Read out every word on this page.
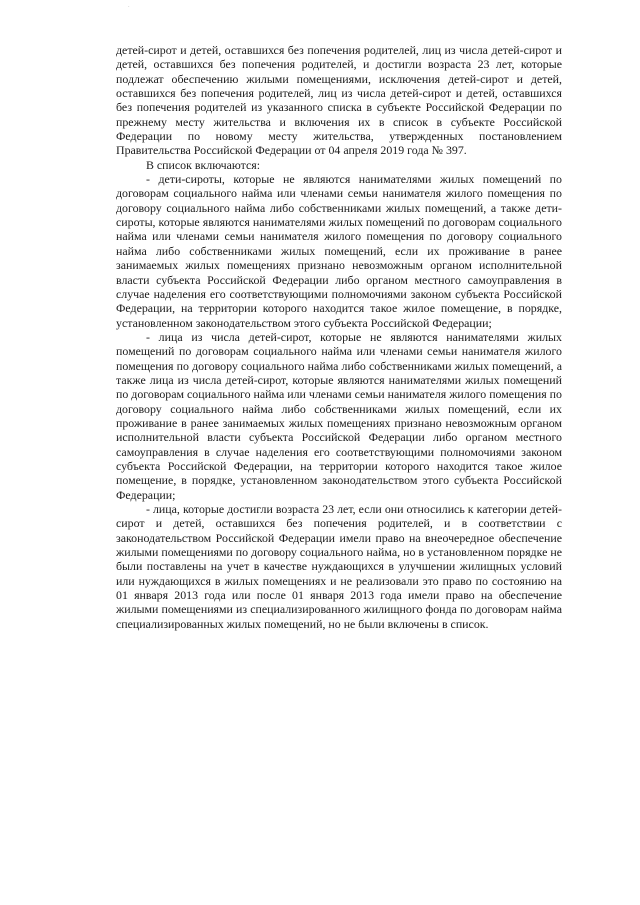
·

детей-сирот и детей, оставшихся без попечения родителей, лиц из числа детей-сирот и детей, оставшихся без попечения родителей, и достигли возраста 23 лет, которые подлежат обеспечению жилыми помещениями, исключения детей-сирот и детей, оставшихся без попечения родителей, лиц из числа детей-сирот и детей, оставшихся без попечения родителей из указанного списка в субъекте Российской Федерации по прежнему месту жительства и включения их в список в субъекте Российской Федерации по новому месту жительства, утвержденных постановлением Правительства Российской Федерации от 04 апреля 2019 года № 397.

В список включаются:

- дети-сироты, которые не являются нанимателями жилых помещений по договорам социального найма или членами семьи нанимателя жилого помещения по договору социального найма либо собственниками жилых помещений, а также дети-сироты, которые являются нанимателями жилых помещений по договорам социального найма или членами семьи нанимателя жилого помещения по договору социального найма либо собственниками жилых помещений, если их проживание в ранее занимаемых жилых помещениях признано невозможным органом исполнительной власти субъекта Российской Федерации либо органом местного самоуправления в случае наделения его соответствующими полномочиями законом субъекта Российской Федерации, на территории которого находится такое жилое помещение, в порядке, установленном законодательством этого субъекта Российской Федерации;

- лица из числа детей-сирот, которые не являются нанимателями жилых помещений по договорам социального найма или членами семьи нанимателя жилого помещения по договору социального найма либо собственниками жилых помещений, а также лица из числа детей-сирот, которые являются нанимателями жилых помещений по договорам социального найма или членами семьи нанимателя жилого помещения по договору социального найма либо собственниками жилых помещений, если их проживание в ранее занимаемых жилых помещениях признано невозможным органом исполнительной власти субъекта Российской Федерации либо органом местного самоуправления в случае наделения его соответствующими полномочиями законом субъекта Российской Федерации, на территории которого находится такое жилое помещение, в порядке, установленном законодательством этого субъекта Российской Федерации;

- лица, которые достигли возраста 23 лет, если они относились к категории детей-сирот и детей, оставшихся без попечения родителей, и в соответствии с законодательством Российской Федерации имели право на внеочередное обеспечение жилыми помещениями по договору социального найма, но в установленном порядке не были поставлены на учет в качестве нуждающихся в улучшении жилищных условий или нуждающихся в жилых помещениях и не реализовали это право по состоянию на 01 января 2013 года или после 01 января 2013 года имели право на обеспечение жилыми помещениями из специализированного жилищного фонда по договорам найма специализированных жилых помещений, но не были включены в список.
